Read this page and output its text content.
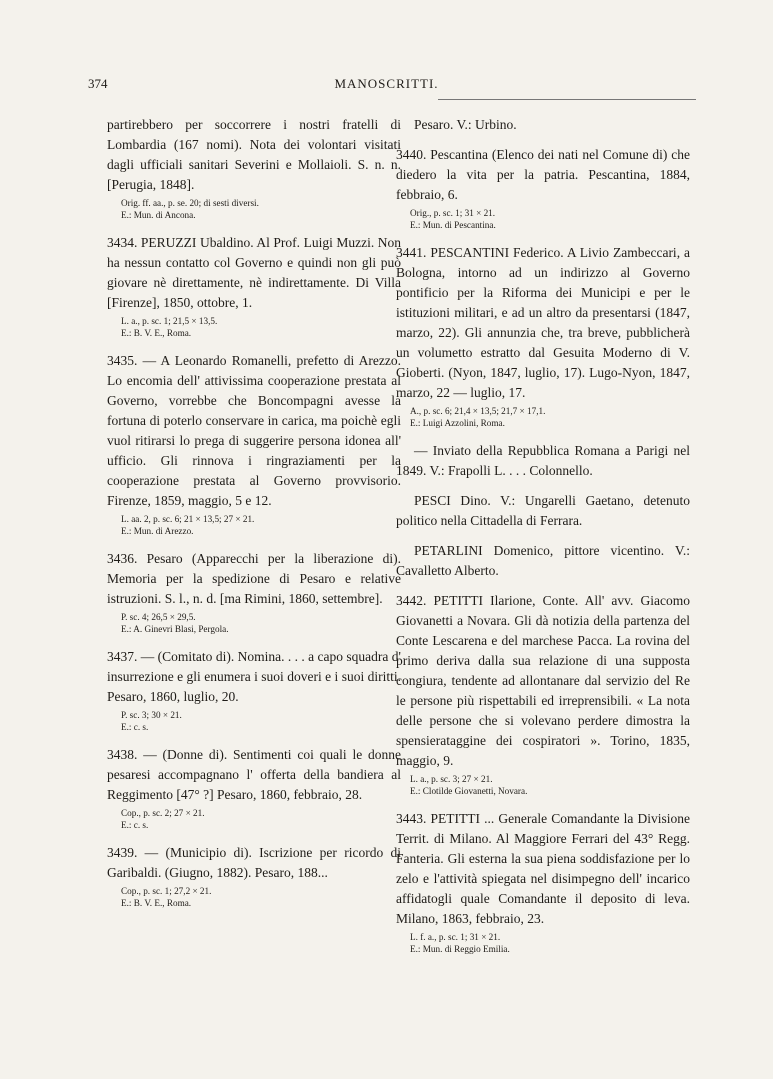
374	MANOSCRITTI.
partirebbero per soccorrere i nostri fratelli di Lombardia (167 nomi). Nota dei volontari visitati dagli ufficiali sanitari Severini e Mollaioli. S. n. n. [Perugia, 1848].
Orig. ff. aa., p. se. 20; di sesti diversi.
E.: Mun. di Ancona.
3434. PERUZZI Ubaldino. Al Prof. Luigi Muzzi. Non ha nessun contatto col Governo e quindi non gli può giovare nè direttamente, nè indirettamente. Di Villa [Firenze], 1850, ottobre, 1.
L. a., p. sc. 1; 21,5 × 13,5.
E.: B. V. E., Roma.
3435. — A Leonardo Romanelli, prefetto di Arezzo. Lo encomia dell' attivissima cooperazione prestata al Governo, vorrebbe che Boncompagni avesse la fortuna di poterlo conservare in carica, ma poichè egli vuol ritirarsi lo prega di suggerire persona idonea all' ufficio. Gli rinnova i ringraziamenti per la cooperazione prestata al Governo provvisorio. Firenze, 1859, maggio, 5 e 12.
L. aa. 2, p. sc. 6; 21 × 13,5; 27 × 21.
E.: Mun. di Arezzo.
3436. Pesaro (Apparecchi per la liberazione di). Memoria per la spedizione di Pesaro e relative istruzioni. S. l., n. d. [ma Rimini, 1860, settembre].
P. sc. 4; 26,5 × 29,5.
E.: A. Ginevri Blasi, Pergola.
3437. — (Comitato di). Nomina. . . . a capo squadra d' insurrezione e gli enumera i suoi doveri e i suoi diritti. Pesaro, 1860, luglio, 20.
P. sc. 3; 30 × 21.
E.: c. s.
3438. — (Donne di). Sentimenti coi quali le donne pesaresi accompagnano l' offerta della bandiera al Reggimento [47° ?] Pesaro, 1860, febbraio, 28.
Cop., p. sc. 2; 27 × 21.
E.: c. s.
3439. — (Municipio di). Iscrizione per ricordo di Garibaldi. (Giugno, 1882). Pesaro, 188...
Cop., p. sc. 1; 27,2 × 21.
E.: B. V. E., Roma.
Pesaro. V.: Urbino.
3440. Pescantina (Elenco dei nati nel Comune di) che diedero la vita per la patria. Pescantina, 1884, febbraio, 6.
Orig., p. sc. 1; 31 × 21.
E.: Mun. di Pescantina.
3441. PESCANTINI Federico. A Livio Zambeccari, a Bologna, intorno ad un indirizzo al Governo pontificio per la Riforma dei Municipi e per le istituzioni militari, e ad un altro da presentarsi (1847, marzo, 22). Gli annunzia che, tra breve, pubblicherà un volumetto estratto dal Gesuita Moderno di V. Gioberti. (Nyon, 1847, luglio, 17). Lugo-Nyon, 1847, marzo, 22 — luglio, 17.
A., p. sc. 6; 21,4 × 13,5; 21,7 × 17,1.
E.: Luigi Azzolini, Roma.
— Inviato della Repubblica Romana a Parigi nel 1849. V.: Frapolli L. . . . Colonnello.
PESCI Dino. V.: Ungarelli Gaetano, detenuto politico nella Cittadella di Ferrara.
PETARLINI Domenico, pittore vicentino. V.: Cavalletto Alberto.
3442. PETITTI Ilarione, Conte. All' avv. Giacomo Giovanetti a Novara. Gli dà notizia della partenza del Conte Lescarena e del marchese Pacca. La rovina del primo deriva dalla sua relazione di una supposta congiura, tendente ad allontanare dal servizio del Re le persone più rispettabili ed irreprensibili. « La nota delle persone che si volevano perdere dimostra la spensierataggine dei cospiratori ». Torino, 1835, maggio, 9.
L. a., p. sc. 3; 27 × 21.
E.: Clotilde Giovanetti, Novara.
3443. PETITTI ... Generale Comandante la Divisione Territ. di Milano. Al Maggiore Ferrari del 43° Regg. Fanteria. Gli esterna la sua piena soddisfazione per lo zelo e l'attività spiegata nel disimpegno dell' incarico affidatogli quale Comandante il deposito di leva. Milano, 1863, febbraio, 23.
L. f. a., p. sc. 1; 31 × 21.
E.: Mun. di Reggio Emilia.
